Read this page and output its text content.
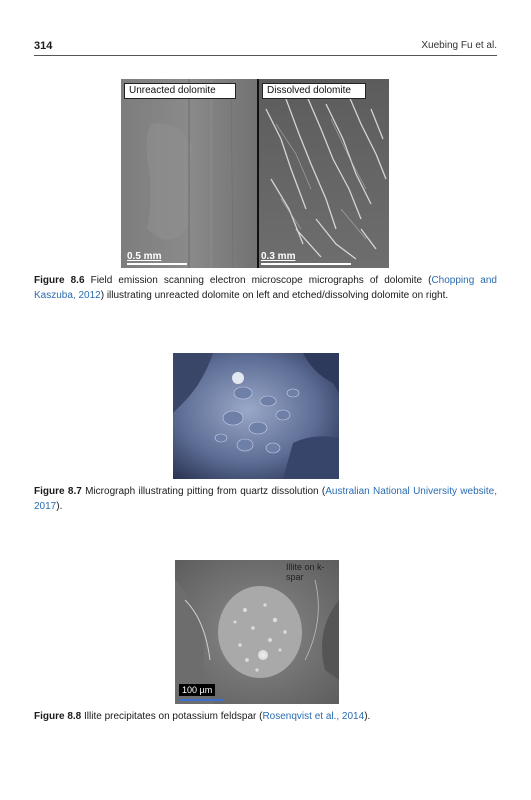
314	Xuebing Fu et al.
Unreacted dolomite	Dissolved dolomite
0.5 mm	0.3 mm
Figure 8.6 Field emission scanning electron microscope micrographs of dolomite (Chopping and Kaszuba, 2012) illustrating unreacted dolomite on left and etched/dissolving dolomite on right.
Figure 8.7 Micrograph illustrating pitting from quartz dissolution (Australian National University website, 2017).
Illite on k-spar
100 µm
Figure 8.8 Illite precipitates on potassium feldspar (Rosenqvist et al., 2014).
